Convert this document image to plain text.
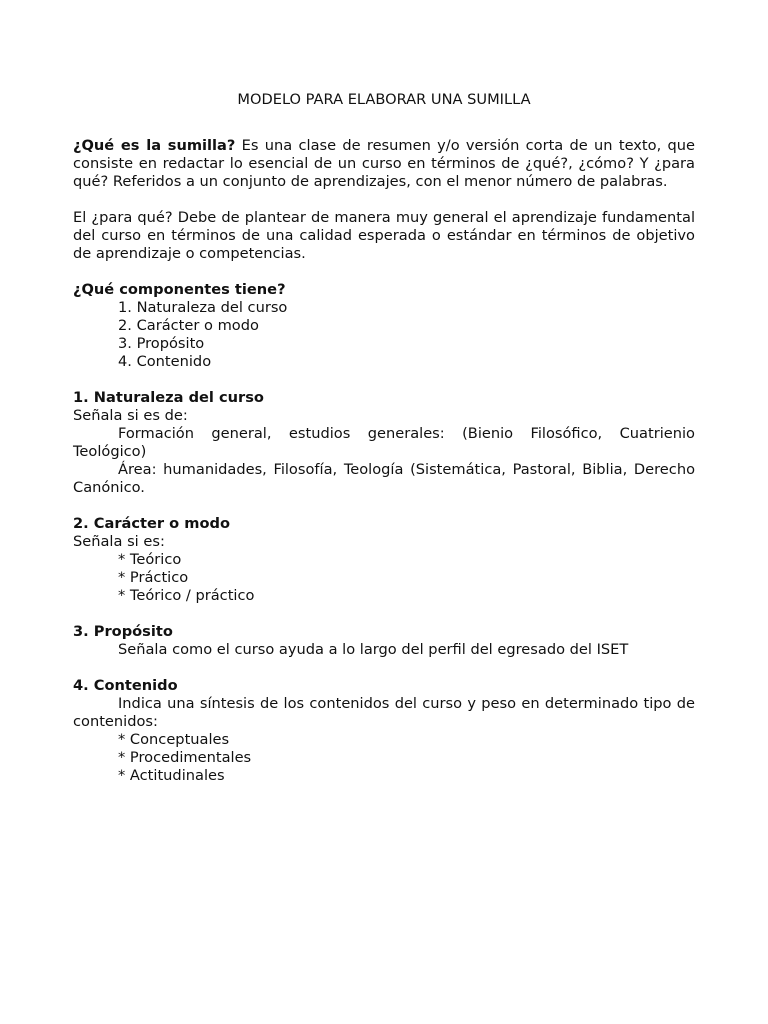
MODELO PARA ELABORAR UNA SUMILLA

¿Qué es la sumilla? Es una clase de resumen y/o versión corta de un texto, que consiste en redactar lo esencial de un curso en términos de ¿qué?, ¿cómo? Y ¿para qué? Referidos a un conjunto de aprendizajes, con el menor número de palabras.

El ¿para qué? Debe de plantear de manera muy general el aprendizaje fundamental del curso en términos de una calidad esperada o estándar en términos de objetivo de aprendizaje o competencias.

¿Qué componentes tiene?

1. Naturaleza del curso
2. Carácter o modo
3. Propósito
4. Contenido

1. Naturaleza del curso

Señala si es de:

Formación general, estudios generales: (Bienio Filosófico, Cuatrienio Teológico)

Área: humanidades, Filosofía, Teología (Sistemática, Pastoral, Biblia, Derecho Canónico.

2. Carácter o modo

Señala si es:

* Teórico
* Práctico
* Teórico / práctico

3. Propósito

Señala como el curso ayuda a lo largo del perfil del egresado del ISET

4. Contenido

Indica una síntesis de los contenidos del curso y peso en determinado tipo de contenidos:

* Conceptuales
* Procedimentales
* Actitudinales
